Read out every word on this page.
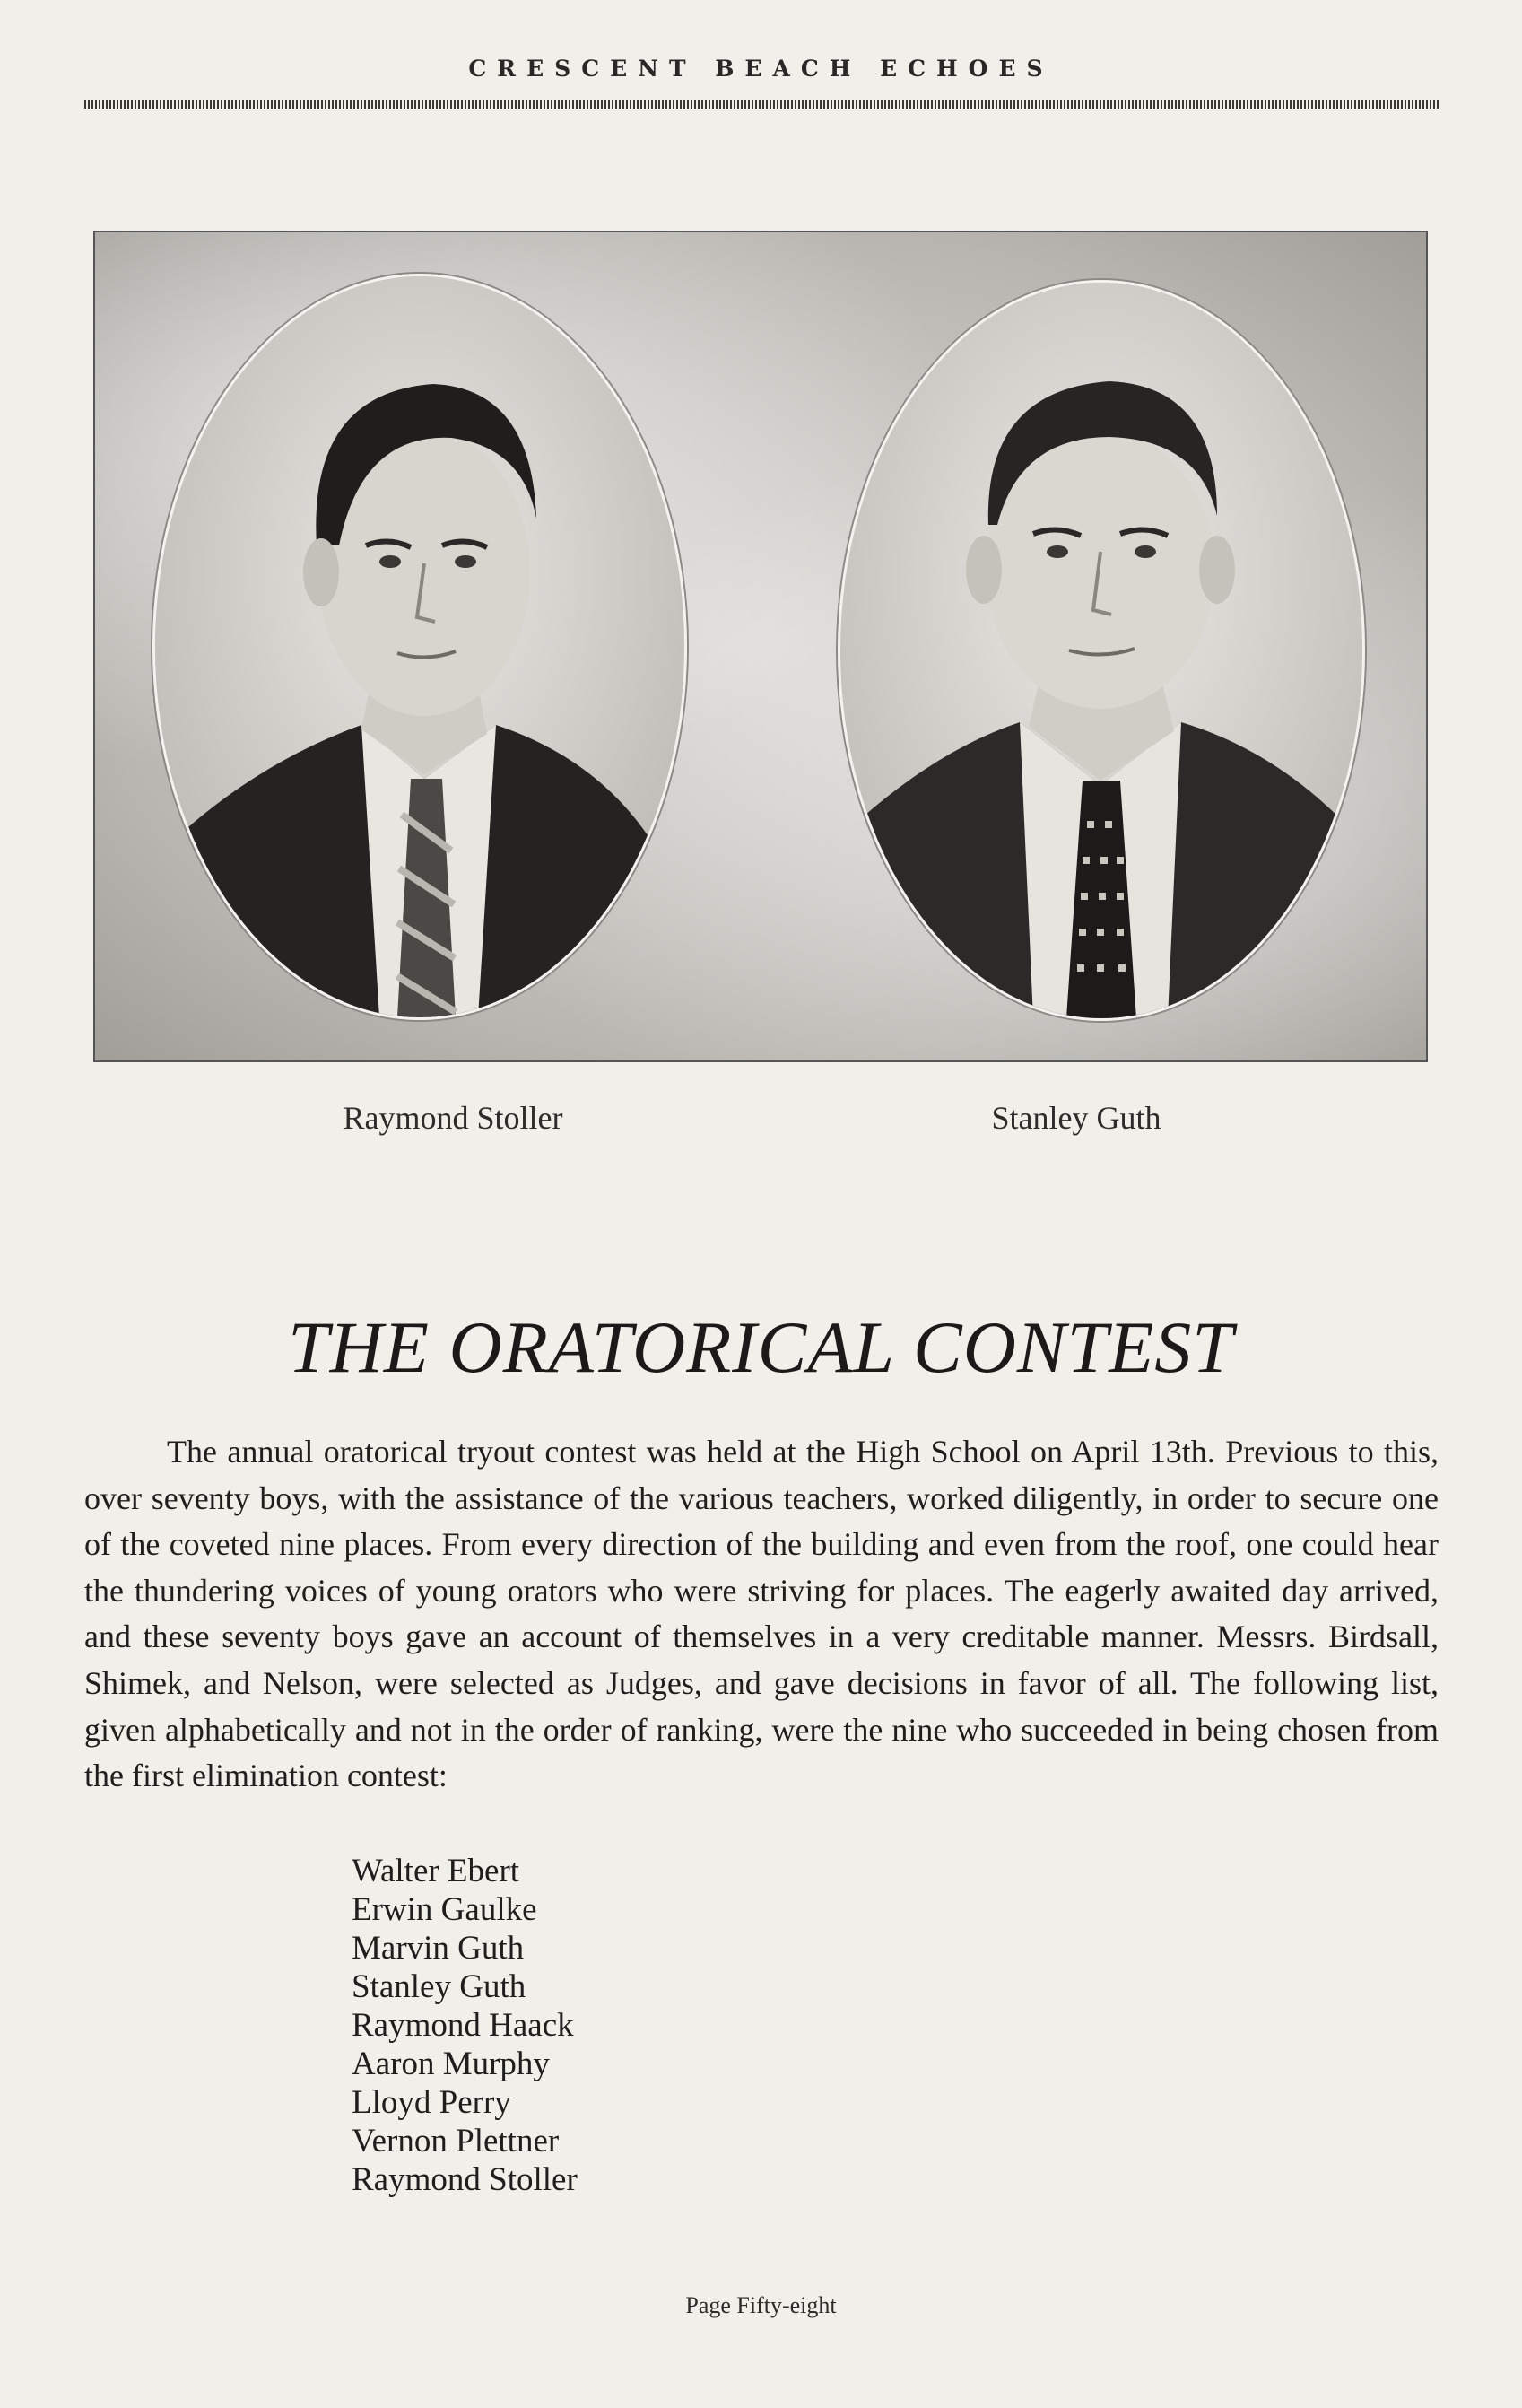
CRESCENT BEACH ECHOES
Raymond Stoller	Stanley Guth
THE ORATORICAL CONTEST

The annual oratorical tryout contest was held at the High School on April 13th. Previous to this, over seventy boys, with the assistance of the various teachers, worked diligently, in order to secure one of the coveted nine places. From every direction of the building and even from the roof, one could hear the thundering voices of young orators who were striving for places. The eagerly awaited day arrived, and these seventy boys gave an account of themselves in a very creditable manner. Messrs. Birdsall, Shimek, and Nelson, were selected as Judges, and gave decisions in favor of all. The following list, given alphabetically and not in the order of ranking, were the nine who succeeded in being chosen from the first elimination contest:

Walter Ebert
Erwin Gaulke
Marvin Guth
Stanley Guth
Raymond Haack
Aaron Murphy
Lloyd Perry
Vernon Plettner
Raymond Stoller
Page Fifty-eight
